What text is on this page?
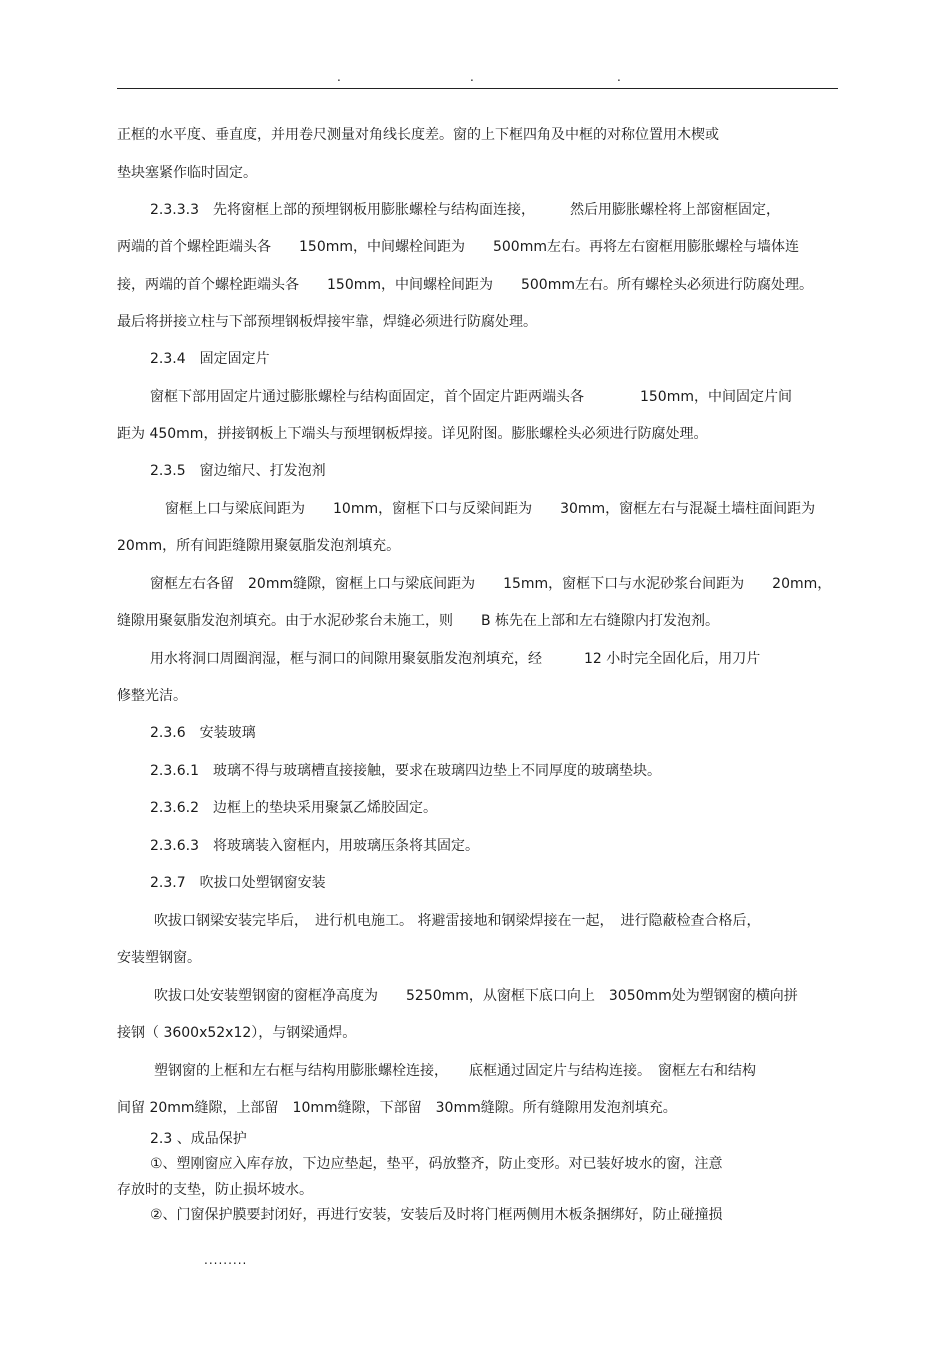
.	.	.
正框的水平度、垂直度，并用卷尺测量对角线长度差。窗的上下框四角及中框的对称位置用木楔或
垫块塞紧作临时固定。
2.3.3.3　先将窗框上部的预埋钢板用膨胀螺栓与结构面连接，　　　然后用膨胀螺栓将上部窗框固定，
两端的首个螺栓距端头各　　150mm，中间螺栓间距为　　500mm左右。再将左右窗框用膨胀螺栓与墙体连
接，两端的首个螺栓距端头各　　150mm，中间螺栓间距为　　500mm左右。所有螺栓头必须进行防腐处理。
最后将拼接立柱与下部预埋钢板焊接牢靠，焊缝必须进行防腐处理。
2.3.4　固定固定片
窗框下部用固定片通过膨胀螺栓与结构面固定，首个固定片距两端头各　　　　150mm，中间固定片间
距为 450mm，拼接钢板上下端头与预埋钢板焊接。详见附图。膨胀螺栓头必须进行防腐处理。
2.3.5　窗边缩尺、打发泡剂
窗框上口与梁底间距为　　10mm，窗框下口与反梁间距为　　30mm，窗框左右与混凝土墙柱面间距为
20mm，所有间距缝隙用聚氨脂发泡剂填充。
窗框左右各留　20mm缝隙，窗框上口与梁底间距为　　15mm，窗框下口与水泥砂浆台间距为　　20mm，
缝隙用聚氨脂发泡剂填充。由于水泥砂浆台未施工，则　　B 栋先在上部和左右缝隙内打发泡剂。
用水将洞口周圈润湿，框与洞口的间隙用聚氨脂发泡剂填充，经　　　12 小时完全固化后，用刀片
修整光洁。
2.3.6　安装玻璃
2.3.6.1　玻璃不得与玻璃槽直接接触，要求在玻璃四边垫上不同厚度的玻璃垫块。
2.3.6.2　边框上的垫块采用聚氯乙烯胶固定。
2.3.6.3　将玻璃装入窗框内，用玻璃压条将其固定。
2.3.7　吹拔口处塑钢窗安装
吹拔口钢梁安装完毕后，　进行机电施工。 将避雷接地和钢梁焊接在一起，　进行隐蔽检查合格后，
安装塑钢窗。
吹拔口处安装塑钢窗的窗框净高度为　　5250mm，从窗框下底口向上　3050mm处为塑钢窗的横向拼
接钢（ 3600x52x12），与钢梁通焊。
塑钢窗的上框和左右框与结构用膨胀螺栓连接，　　底框通过固定片与结构连接。　窗框左右和结构
间留 20mm缝隙，上部留　10mm缝隙，下部留　30mm缝隙。所有缝隙用发泡剂填充。
2.3 、成品保护
①、塑刚窗应入库存放，下边应垫起，垫平，码放整齐，防止变形。对已装好坡水的窗，注意
存放时的支垫，防止损坏坡水。
②、门窗保护膜要封闭好，再进行安装，安装后及时将门框两侧用木板条捆绑好，防止碰撞损
.........
